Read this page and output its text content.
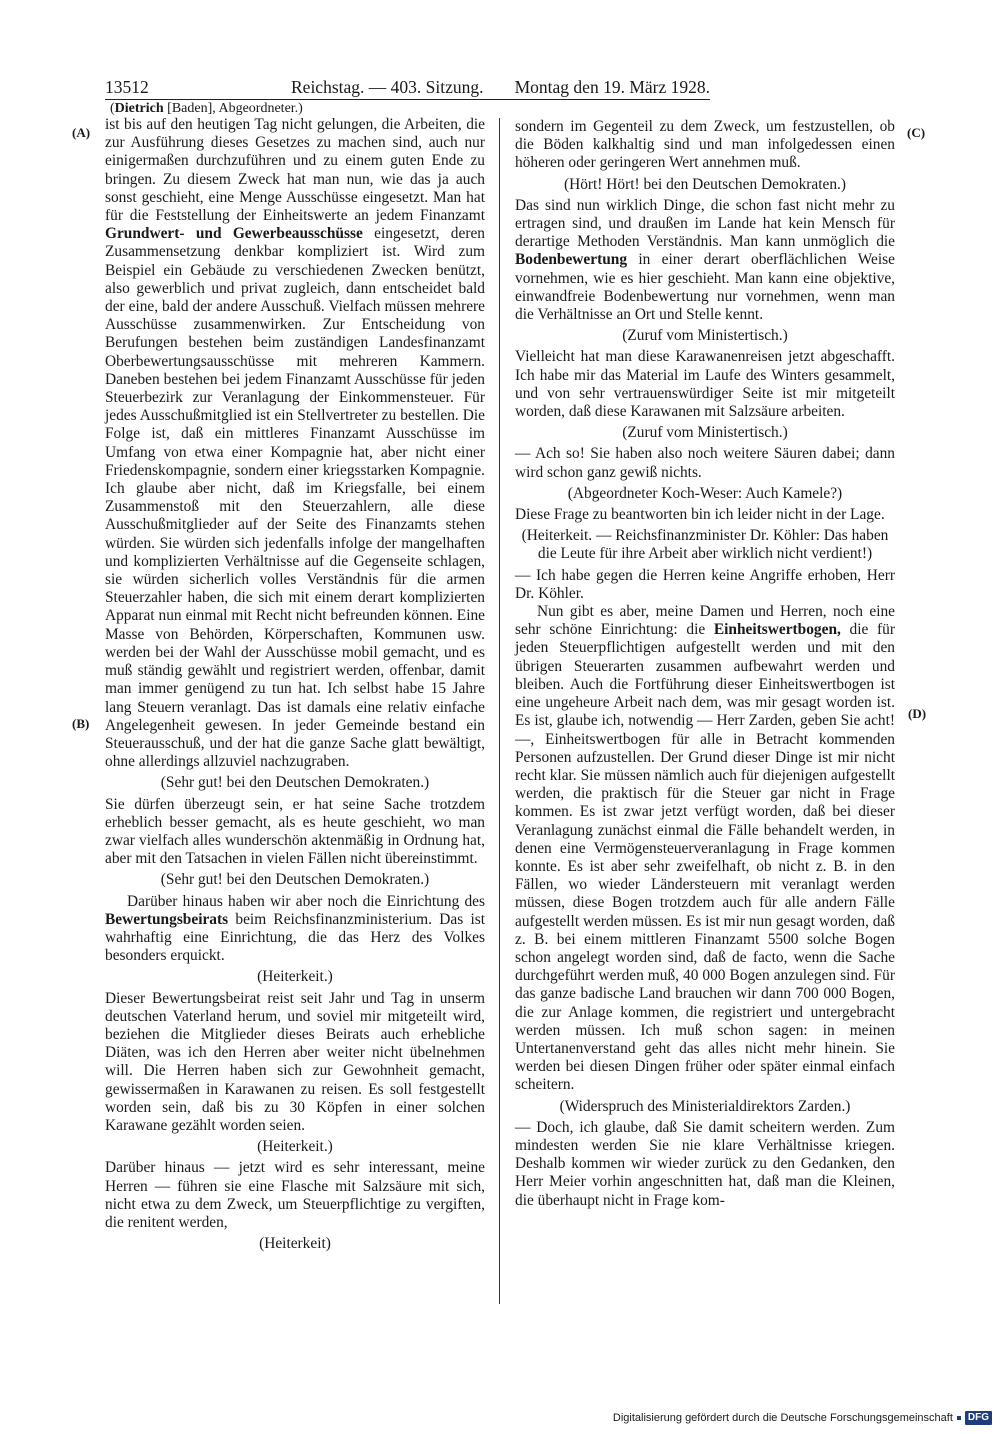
13512	Reichstag. — 403. Sitzung. Montag den 19. März 1928.
(Dietrich [Baden], Abgeordneter.)
(A)
(B)
(C)
(D)

ist bis auf den heutigen Tag nicht gelungen, die Arbeiten, die zur Ausführung dieses Gesetzes zu machen sind, auch nur einigermaßen durchzuführen und zu einem guten Ende zu bringen. Zu diesem Zweck hat man nun, wie das ja auch sonst geschieht, eine Menge Ausschüsse eingesetzt. Man hat für die Feststellung der Einheitswerte an jedem Finanzamt Grundwert- und Gewerbeausschüsse eingesetzt, deren Zusammensetzung denkbar kompliziert ist. Wird zum Beispiel ein Gebäude zu verschiedenen Zwecken benützt, also gewerblich und privat zugleich, dann entscheidet bald der eine, bald der andere Ausschuß. Vielfach müssen mehrere Ausschüsse zusammenwirken. Zur Entscheidung von Berufungen bestehen beim zuständigen Landesfinanzamt Oberbewertungsausschüsse mit mehreren Kammern. Daneben bestehen bei jedem Finanzamt Ausschüsse für jeden Steuerbezirk zur Veranlagung der Einkommensteuer. Für jedes Ausschußmitglied ist ein Stellvertreter zu bestellen. Die Folge ist, daß ein mittleres Finanzamt Ausschüsse im Umfang von etwa einer Kompagnie hat, aber nicht einer Friedenskompagnie, sondern einer kriegsstarken Kompagnie. Ich glaube aber nicht, daß im Kriegsfalle, bei einem Zusammenstoß mit den Steuerzahlern, alle diese Ausschußmitglieder auf der Seite des Finanzamts stehen würden. Sie würden sich jedenfalls infolge der mangelhaften und komplizierten Verhältnisse auf die Gegenseite schlagen, sie würden sicherlich volles Verständnis für die armen Steuerzahler haben, die sich mit einem derart komplizierten Apparat nun einmal mit Recht nicht befreunden können. Eine Masse von Behörden, Körperschaften, Kommunen usw. werden bei der Wahl der Ausschüsse mobil gemacht, und es muß ständig gewählt und registriert werden, offenbar, damit man immer genügend zu tun hat. Ich selbst habe 15 Jahre lang Steuern veranlagt. Das ist damals eine relativ einfache Angelegenheit gewesen. In jeder Gemeinde bestand ein Steuerausschuß, und der hat die ganze Sache glatt bewältigt, ohne allerdings allzuviel nachzugraben.

(Sehr gut! bei den Deutschen Demokraten.)

Sie dürfen überzeugt sein, er hat seine Sache trotzdem erheblich besser gemacht, als es heute geschieht, wo man zwar vielfach alles wunderschön aktenmäßig in Ordnung hat, aber mit den Tatsachen in vielen Fällen nicht übereinstimmt.

(Sehr gut! bei den Deutschen Demokraten.)

Darüber hinaus haben wir aber noch die Einrichtung des Bewertungsbeirats beim Reichsfinanzministerium. Das ist wahrhaftig eine Einrichtung, die das Herz des Volkes besonders erquickt.

(Heiterkeit.)

Dieser Bewertungsbeirat reist seit Jahr und Tag in unserm deutschen Vaterland herum, und soviel mir mitgeteilt wird, beziehen die Mitglieder dieses Beirats auch erhebliche Diäten, was ich den Herren aber weiter nicht übelnehmen will. Die Herren haben sich zur Gewohnheit gemacht, gewissermaßen in Karawanen zu reisen. Es soll festgestellt worden sein, daß bis zu 30 Köpfen in einer solchen Karawane gezählt worden seien.

(Heiterkeit.)

Darüber hinaus — jetzt wird es sehr interessant, meine Herren — führen sie eine Flasche mit Salzsäure mit sich, nicht etwa zu dem Zweck, um Steuerpflichtige zu vergiften, die renitent werden,

(Heiterkeit)

sondern im Gegenteil zu dem Zweck, um festzustellen, ob die Böden kalkhaltig sind und man infolgedessen einen höheren oder geringeren Wert annehmen muß.

(Hört! Hört! bei den Deutschen Demokraten.)

Das sind nun wirklich Dinge, die schon fast nicht mehr zu ertragen sind, und draußen im Lande hat kein Mensch für derartige Methoden Verständnis. Man kann unmöglich die Bodenbewertung in einer derart oberflächlichen Weise vornehmen, wie es hier geschieht. Man kann eine objektive, einwandfreie Bodenbewertung nur vornehmen, wenn man die Verhältnisse an Ort und Stelle kennt.

(Zuruf vom Ministertisch.)

Vielleicht hat man diese Karawanenreisen jetzt abgeschafft. Ich habe mir das Material im Laufe des Winters gesammelt, und von sehr vertrauenswürdiger Seite ist mir mitgeteilt worden, daß diese Karawanen mit Salzsäure arbeiten.

(Zuruf vom Ministertisch.)

— Ach so! Sie haben also noch weitere Säuren dabei; dann wird schon ganz gewiß nichts.

(Abgeordneter Koch-Weser: Auch Kamele?)

Diese Frage zu beantworten bin ich leider nicht in der Lage.

(Heiterkeit. — Reichsfinanzminister Dr. Köhler: Das haben die Leute für ihre Arbeit aber wirklich nicht verdient!)

— Ich habe gegen die Herren keine Angriffe erhoben, Herr Dr. Köhler.

Nun gibt es aber, meine Damen und Herren, noch eine sehr schöne Einrichtung: die Einheitswertbogen, die für jeden Steuerpflichtigen aufgestellt werden und mit den übrigen Steuerarten zusammen aufbewahrt werden und bleiben. Auch die Fortführung dieser Einheitswertbogen ist eine ungeheure Arbeit nach dem, was mir gesagt worden ist. Es ist, glaube ich, notwendig — Herr Zarden, geben Sie acht! —, Einheitswertbogen für alle in Betracht kommenden Personen aufzustellen. Der Grund dieser Dinge ist mir nicht recht klar. Sie müssen nämlich auch für diejenigen aufgestellt werden, die praktisch für die Steuer gar nicht in Frage kommen. Es ist zwar jetzt verfügt worden, daß bei dieser Veranlagung zunächst einmal die Fälle behandelt werden, in denen eine Vermögensteuerveranlagung in Frage kommen konnte. Es ist aber sehr zweifelhaft, ob nicht z. B. in den Fällen, wo wieder Ländersteuern mit veranlagt werden müssen, diese Bogen trotzdem auch für alle andern Fälle aufgestellt werden müssen. Es ist mir nun gesagt worden, daß z. B. bei einem mittleren Finanzamt 5500 solche Bogen schon angelegt worden sind, daß de facto, wenn die Sache durchgeführt werden muß, 40 000 Bogen anzulegen sind. Für das ganze badische Land brauchen wir dann 700 000 Bogen, die zur Anlage kommen, die registriert und untergebracht werden müssen. Ich muß schon sagen: in meinen Untertanenverstand geht das alles nicht mehr hinein. Sie werden bei diesen Dingen früher oder später einmal einfach scheitern.

(Widerspruch des Ministerialdirektors Zarden.)

— Doch, ich glaube, daß Sie damit scheitern werden. Zum mindesten werden Sie nie klare Verhältnisse kriegen. Deshalb kommen wir wieder zurück zu den Gedanken, den Herr Meier vorhin angeschnitten hat, daß man die Kleinen, die überhaupt nicht in Frage kom-

Digitalisierung gefördert durch die Deutsche Forschungsgemeinschaft	DFG
